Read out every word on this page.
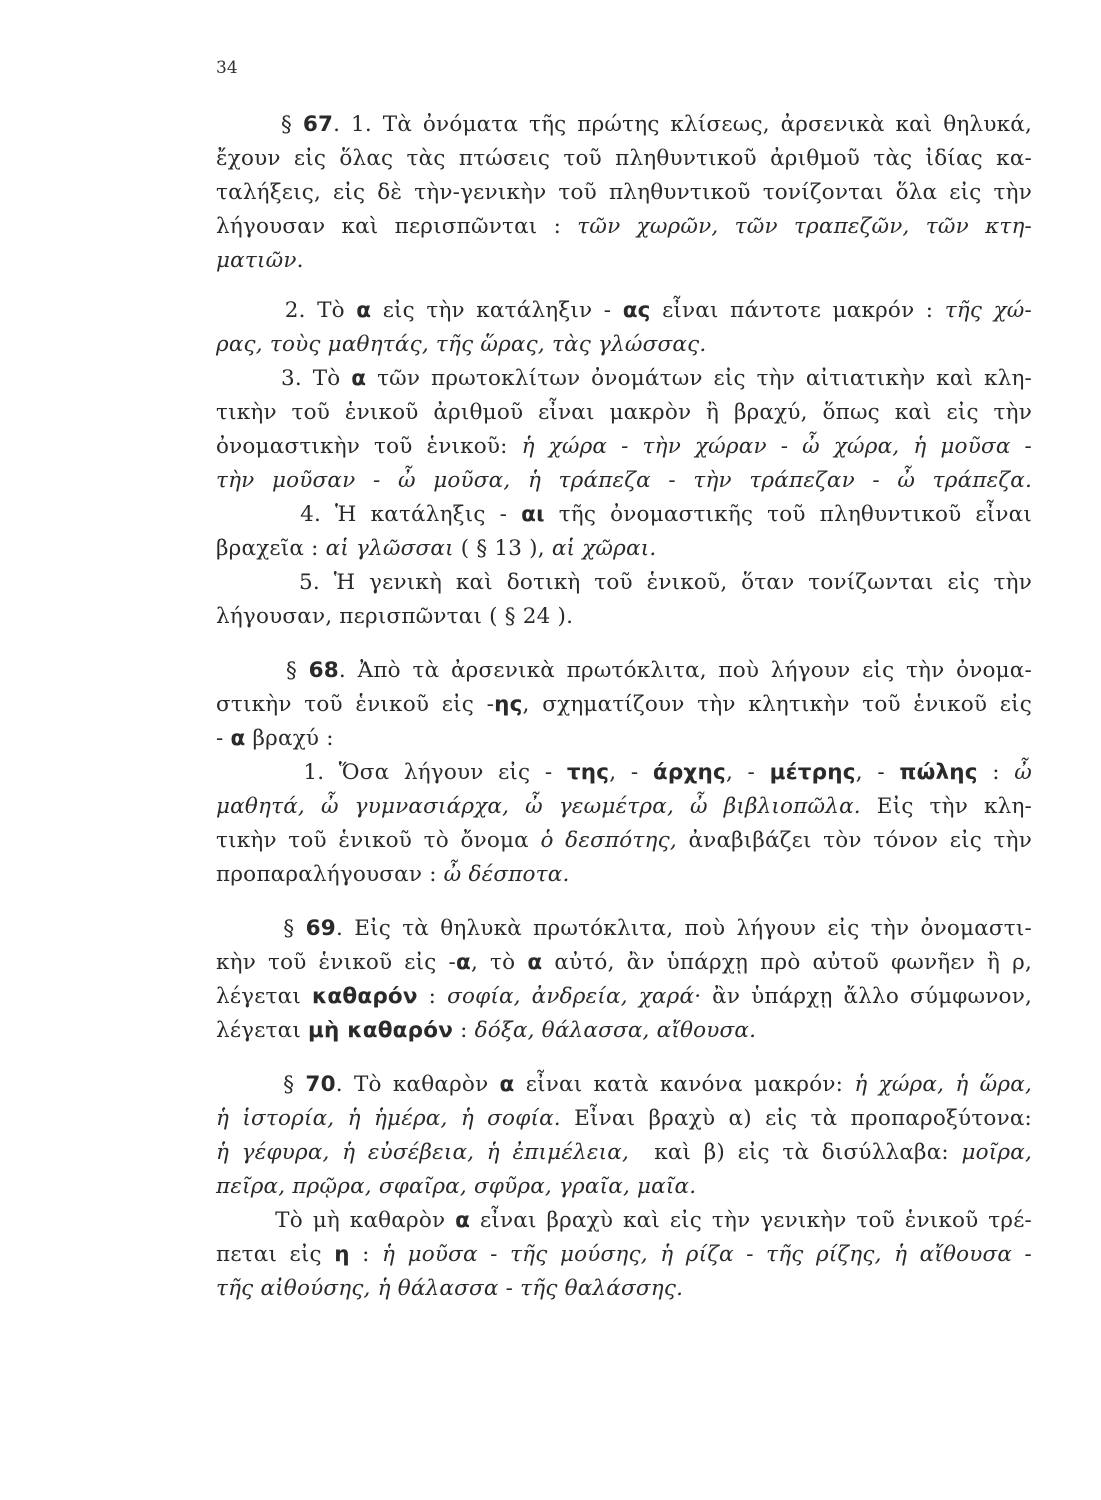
34
§ 67. 1. Τὰ ὀνόματα τῆς πρώτης κλίσεως, ἀρσενικὰ καὶ θηλυκά,
ἔχουν εἰς ὅλας τὰς πτώσεις τοῦ πληθυντικοῦ ἀριθμοῦ τὰς ἰδίας κα-
ταλήξεις, εἰς δὲ τὴν-γενικὴν τοῦ πληθυντικοῦ τονίζονται ὅλα εἰς τὴν
λήγουσαν καὶ περισπῶνται : τῶν χωρῶν, τῶν τραπεζῶν, τῶν κτη-
ματιῶν.
2. Τὸ α εἰς τὴν κατάληξιν - ας εἶναι πάντοτε μακρόν : τῆς χώ-
ρας, τοὺς μαθητάς, τῆς ὥρας, τὰς γλώσσας.
3. Τὸ α τῶν πρωτοκλίτων ὀνομάτων εἰς τὴν αἰτιατικὴν καὶ κλη-
τικὴν τοῦ ἑνικοῦ ἀριθμοῦ εἶναι μακρὸν ἢ βραχύ, ὅπως καὶ εἰς τὴν
ὀνομαστικὴν τοῦ ἑνικοῦ: ἡ χώρα - τὴν χώραν - ὦ χώρα, ἡ μοῦσα -
τὴν μοῦσαν - ὦ μοῦσα, ἡ τράπεζα - τὴν τράπεζαν - ὦ τράπεζα.
4. Ἡ κατάληξις - αι τῆς ὀνομαστικῆς τοῦ πληθυντικοῦ εἶναι
βραχεῖα : αἱ γλῶσσαι ( § 13 ), αἱ χῶραι.
5. Ἡ γενικὴ καὶ δοτικὴ τοῦ ἑνικοῦ, ὅταν τονίζωνται εἰς τὴν
λήγουσαν, περισπῶνται ( § 24 ).
§ 68. Ἀπὸ τὰ ἀρσενικὰ πρωτόκλιτα, ποὺ λήγουν εἰς τὴν ὀνομα-
στικὴν τοῦ ἑνικοῦ εἰς -ης, σχηματίζουν τὴν κλητικὴν τοῦ ἑνικοῦ εἰς
- α βραχύ :
1. Ὅσα λήγουν εἰς - της, - άρχης, - μέτρης, - πώλης : ὦ
μαθητά, ὦ γυμνασιάρχα, ὦ γεωμέτρα, ὦ βιβλιοπῶλα. Εἰς τὴν κλη-
τικὴν τοῦ ἑνικοῦ τὸ ὄνομα ὁ δεσπότης, ἀναβιβάζει τὸν τόνον εἰς τὴν
προπαραλήγουσαν : ὦ δέσποτα.
§ 69. Εἰς τὰ θηλυκὰ πρωτόκλιτα, ποὺ λήγουν εἰς τὴν ὀνομαστι-
κὴν τοῦ ἑνικοῦ εἰς -α, τὸ α αὐτό, ἂν ὑπάρχῃ πρὸ αὐτοῦ φωνῆεν ἢ ρ,
λέγεται καθαρόν : σοφία, ἀνδρεία, χαρά· ἂν ὑπάρχῃ ἄλλο σύμφωνον,
λέγεται μὴ καθαρόν : δόξα, θάλασσα, αἴθουσα.
§ 70. Τὸ καθαρὸν α εἶναι κατὰ κανόνα μακρόν: ἡ χώρα, ἡ ὥρα,
ἡ ἱστορία, ἡ ἡμέρα, ἡ σοφία. Εἶναι βραχὺ α) εἰς τὰ προπαροξύτονα:
ἡ γέφυρα, ἡ εὐσέβεια, ἡ ἐπιμέλεια,  καὶ β) εἰς τὰ δισύλλαβα: μοῖρα,
πεῖρα, πρῷρα, σφαῖρα, σφῦρα, γραῖα, μαῖα.
Τὸ μὴ καθαρὸν α εἶναι βραχὺ καὶ εἰς τὴν γενικὴν τοῦ ἑνικοῦ τρέ-
πεται εἰς η : ἡ μοῦσα - τῆς μούσης, ἡ ρίζα - τῆς ρίζης, ἡ αἴθουσα -
τῆς αἰθούσης, ἡ θάλασσα - τῆς θαλάσσης.
